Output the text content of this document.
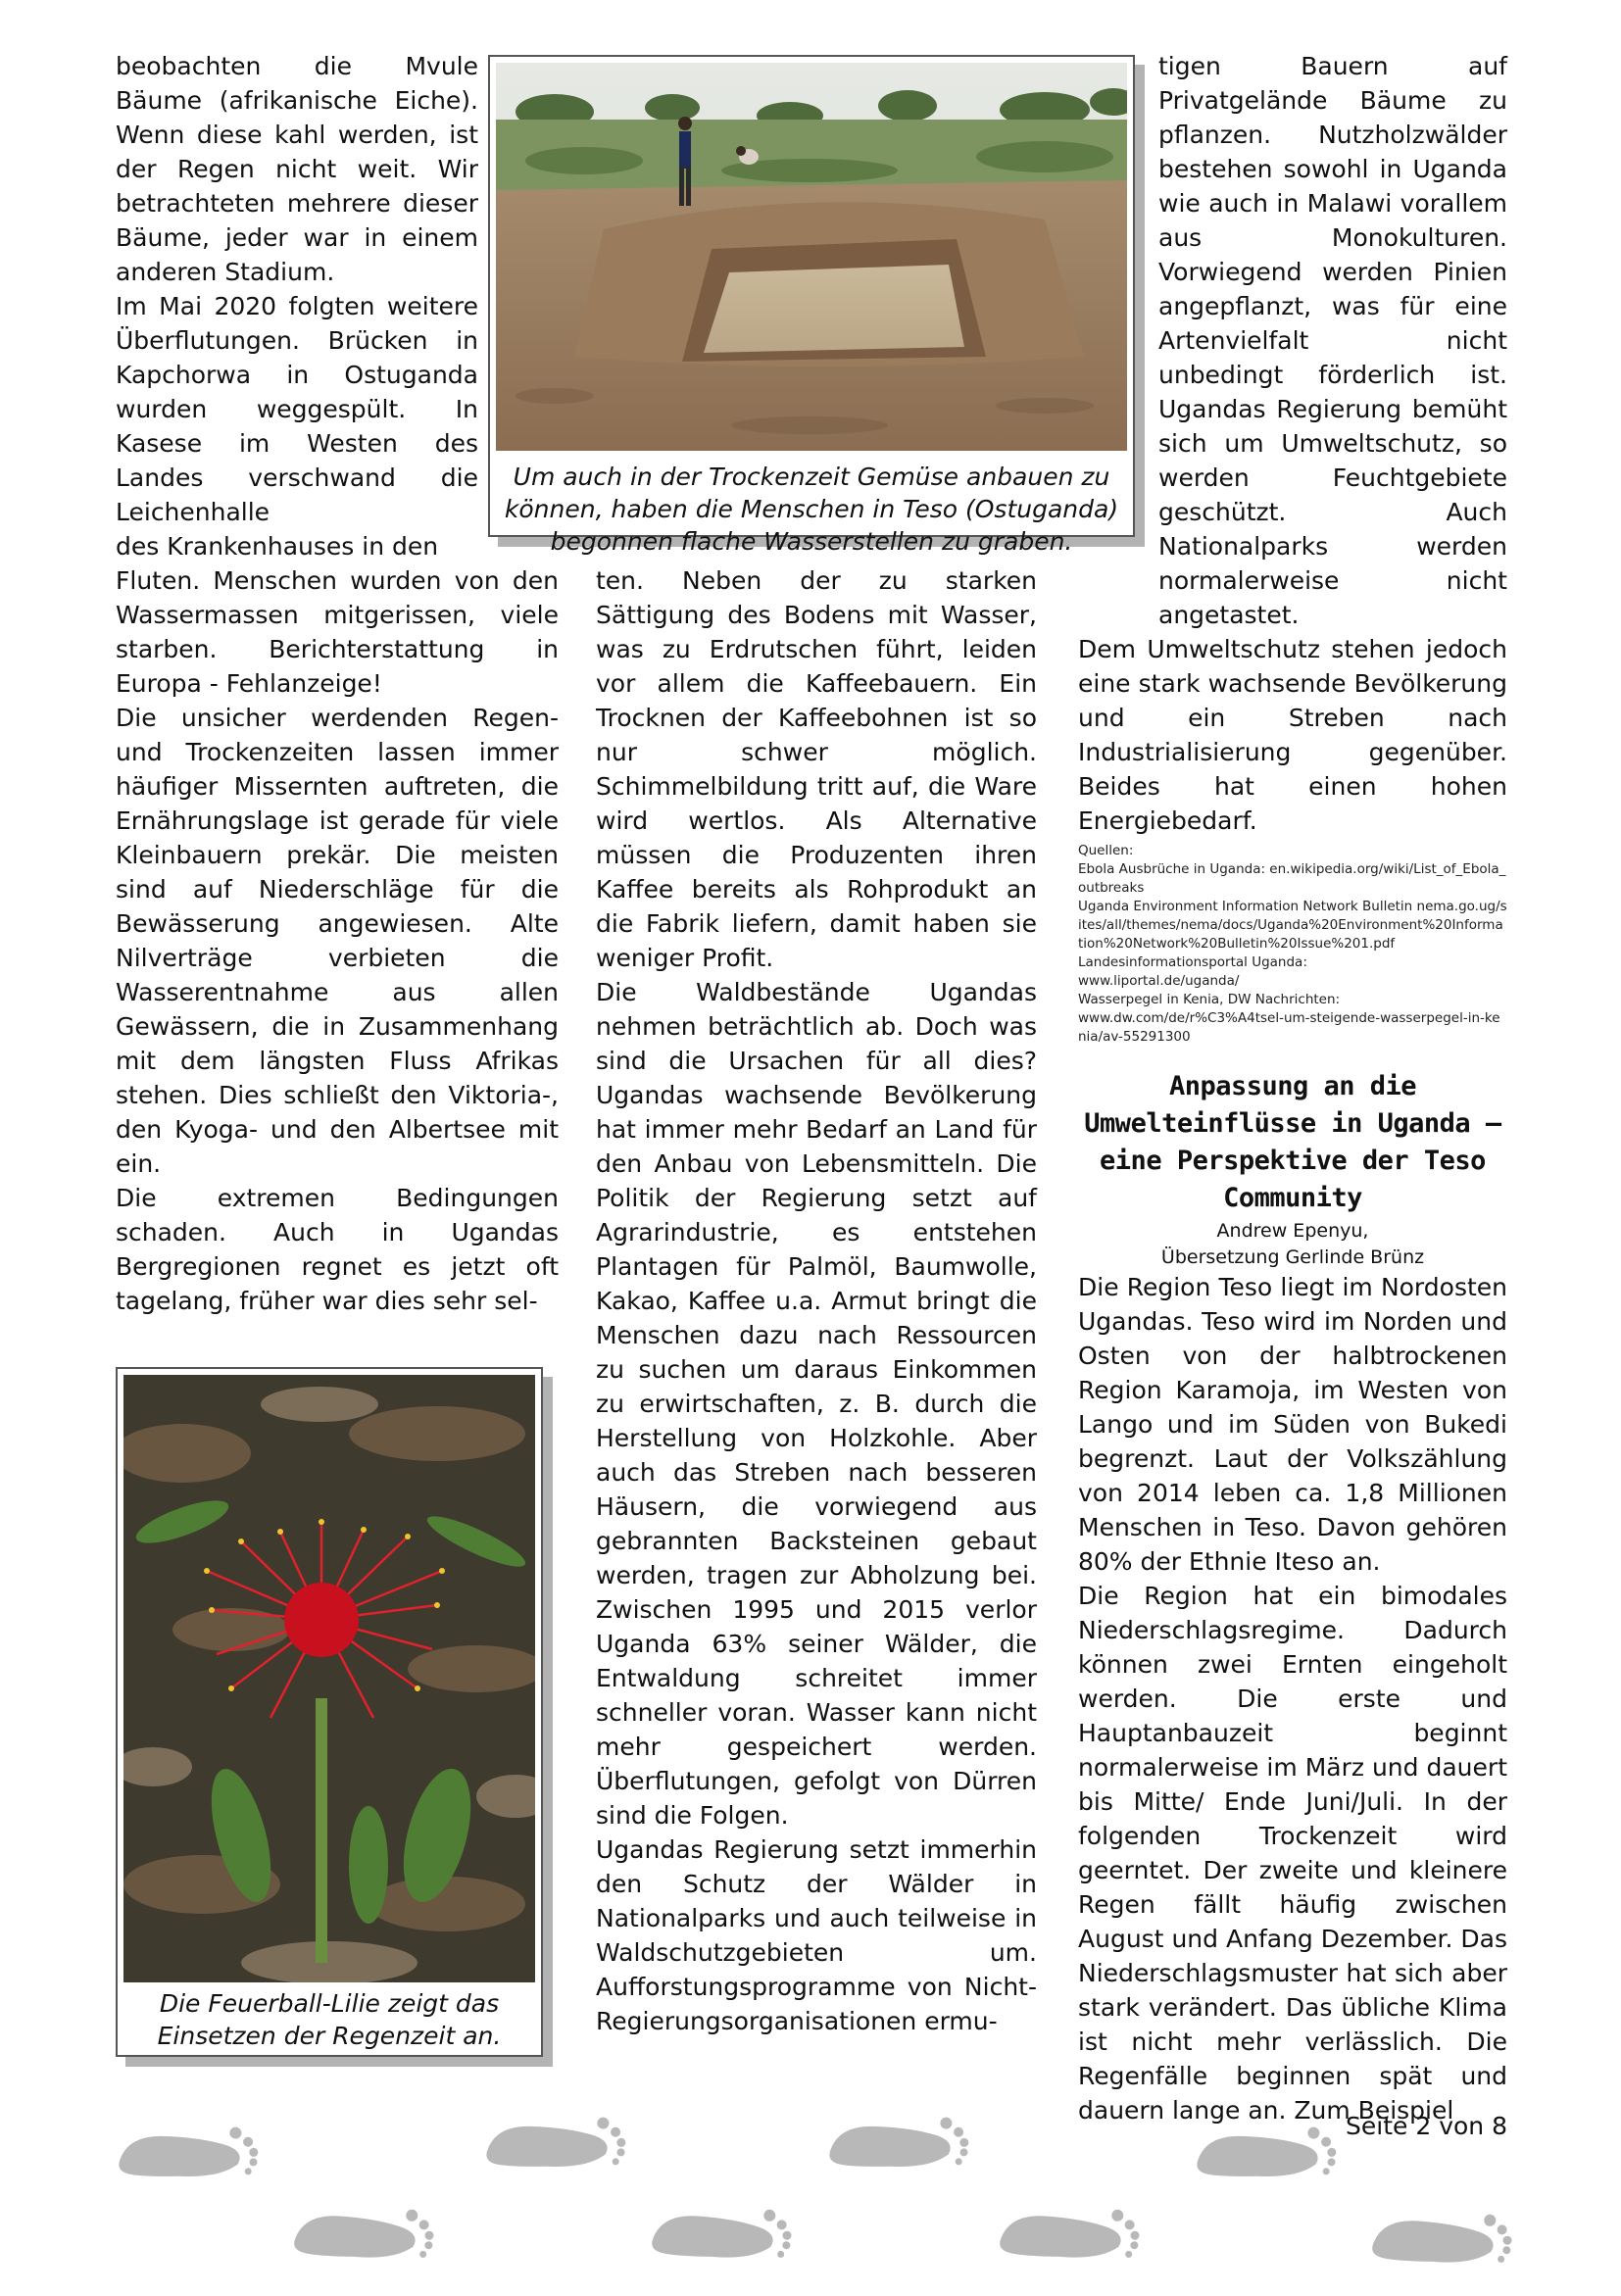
Um auch in der Trockenzeit Gemüse anbauen zu können, haben die Menschen in Teso (Ostuganda) begonnen flache Wasserstellen zu graben.
Die Feuerball-Lilie zeigt das Einsetzen der Regenzeit an.

beobachten die Mvule Bäume (afrikanische Eiche). Wenn diese kahl werden, ist der Regen nicht weit. Wir betrachteten mehrere dieser Bäume, jeder war in einem anderen Stadium.

Im Mai 2020 folgten weitere Überflutungen. Brücken in Kapchorwa in Ostuganda wurden weggespült. In Kasese im Westen des Landes verschwand die Leichenhalle

des Krankenhauses in den

Fluten. Menschen wurden von den Wassermassen mitgerissen, viele starben. Berichterstattung in Europa - Fehlanzeige!

Die unsicher werdenden Regen- und Trockenzeiten lassen immer häufiger Missernten auftreten, die Ernährungslage ist gerade für viele Kleinbauern prekär. Die meisten sind auf Niederschläge für die Bewässerung angewiesen. Alte Nilverträge verbieten die Wasserentnahme aus allen Gewässern, die in Zusammenhang mit dem längsten Fluss Afrikas stehen. Dies schließt den Viktoria-, den Kyoga- und den Albertsee mit ein.

Die extremen Bedingungen schaden. Auch in Ugandas Bergregionen regnet es jetzt oft tagelang, früher war dies sehr sel-

ten. Neben der zu starken Sättigung des Bodens mit Wasser, was zu Erdrutschen führt, leiden vor allem die Kaffeebauern. Ein Trocknen der Kaffeebohnen ist so nur schwer möglich. Schimmelbildung tritt auf, die Ware wird wertlos. Als Alternative müssen die Produzenten ihren Kaffee bereits als Rohprodukt an die Fabrik liefern, damit haben sie weniger Profit.

Die Waldbestände Ugandas nehmen beträchtlich ab. Doch was sind die Ursachen für all dies? Ugandas wachsende Bevölkerung hat immer mehr Bedarf an Land für den Anbau von Lebensmitteln. Die Politik der Regierung setzt auf Agrarindustrie, es entstehen Plantagen für Palmöl, Baumwolle, Kakao, Kaffee u.a. Armut bringt die Menschen dazu nach Ressourcen zu suchen um daraus Einkommen zu erwirtschaften, z. B. durch die Herstellung von Holzkohle. Aber auch das Streben nach besseren Häusern, die vorwiegend aus gebrannten Backsteinen gebaut werden, tragen zur Abholzung bei. Zwischen 1995 und 2015 verlor Uganda 63% seiner Wälder, die Entwaldung schreitet immer schneller voran. Wasser kann nicht mehr gespeichert werden. Überflutungen, gefolgt von Dürren sind die Folgen.

Ugandas Regierung setzt immerhin den Schutz der Wälder in Nationalparks und auch teilweise in Waldschutzgebieten um. Aufforstungsprogramme von Nicht-Regierungsorganisationen ermu-

tigen Bauern auf Privatgelände Bäume zu pflanzen. Nutzholzwälder bestehen sowohl in Uganda wie auch in Malawi vorallem aus Monokulturen. Vorwiegend werden Pinien angepflanzt, was für eine Artenvielfalt nicht unbedingt förderlich ist. Ugandas Regierung bemüht sich um Umweltschutz, so werden Feuchtgebiete geschützt. Auch Nationalparks werden normalerweise nicht angetastet.

Dem Umweltschutz stehen jedoch eine stark wachsende Bevölkerung und ein Streben nach Industrialisierung gegenüber. Beides hat einen hohen Energiebedarf.

Quellen:
Ebola Ausbrüche in Uganda: en.wikipedia.org/wiki/List_of_Ebola_outbreaks
Uganda Environment Information Network Bulletin nema.go.ug/sites/all/themes/nema/docs/Uganda%20Environment%20Information%20Network%20Bulletin%20Issue%201.pdf
Landesinformationsportal Uganda:
www.liportal.de/uganda/
Wasserpegel in Kenia, DW Nachrichten:
www.dw.com/de/r%C3%A4tsel-um-steigende-wasserpegel-in-kenia/av-55291300
Anpassung an die Umwelteinflüsse in Uganda – eine Perspektive der Teso Community
Andrew Epenyu,
Übersetzung Gerlinde Brünz

Die Region Teso liegt im Nordosten Ugandas. Teso wird im Norden und Osten von der halbtrockenen Region Karamoja, im Westen von Lango und im Süden von Bukedi begrenzt. Laut der Volkszählung von 2014 leben ca. 1,8 Millionen Menschen in Teso. Davon gehören 80% der Ethnie Iteso an.

Die Region hat ein bimodales Niederschlagsregime. Dadurch können zwei Ernten eingeholt werden. Die erste und Hauptanbauzeit beginnt normalerweise im März und dauert bis Mitte/ Ende Juni/Juli. In der folgenden Trockenzeit wird geerntet. Der zweite und kleinere Regen fällt häufig zwischen August und Anfang Dezember. Das Niederschlagsmuster hat sich aber stark verändert. Das übliche Klima ist nicht mehr verlässlich. Die Regenfälle beginnen spät und dauern lange an. Zum Beispiel

Seite 2 von 8
